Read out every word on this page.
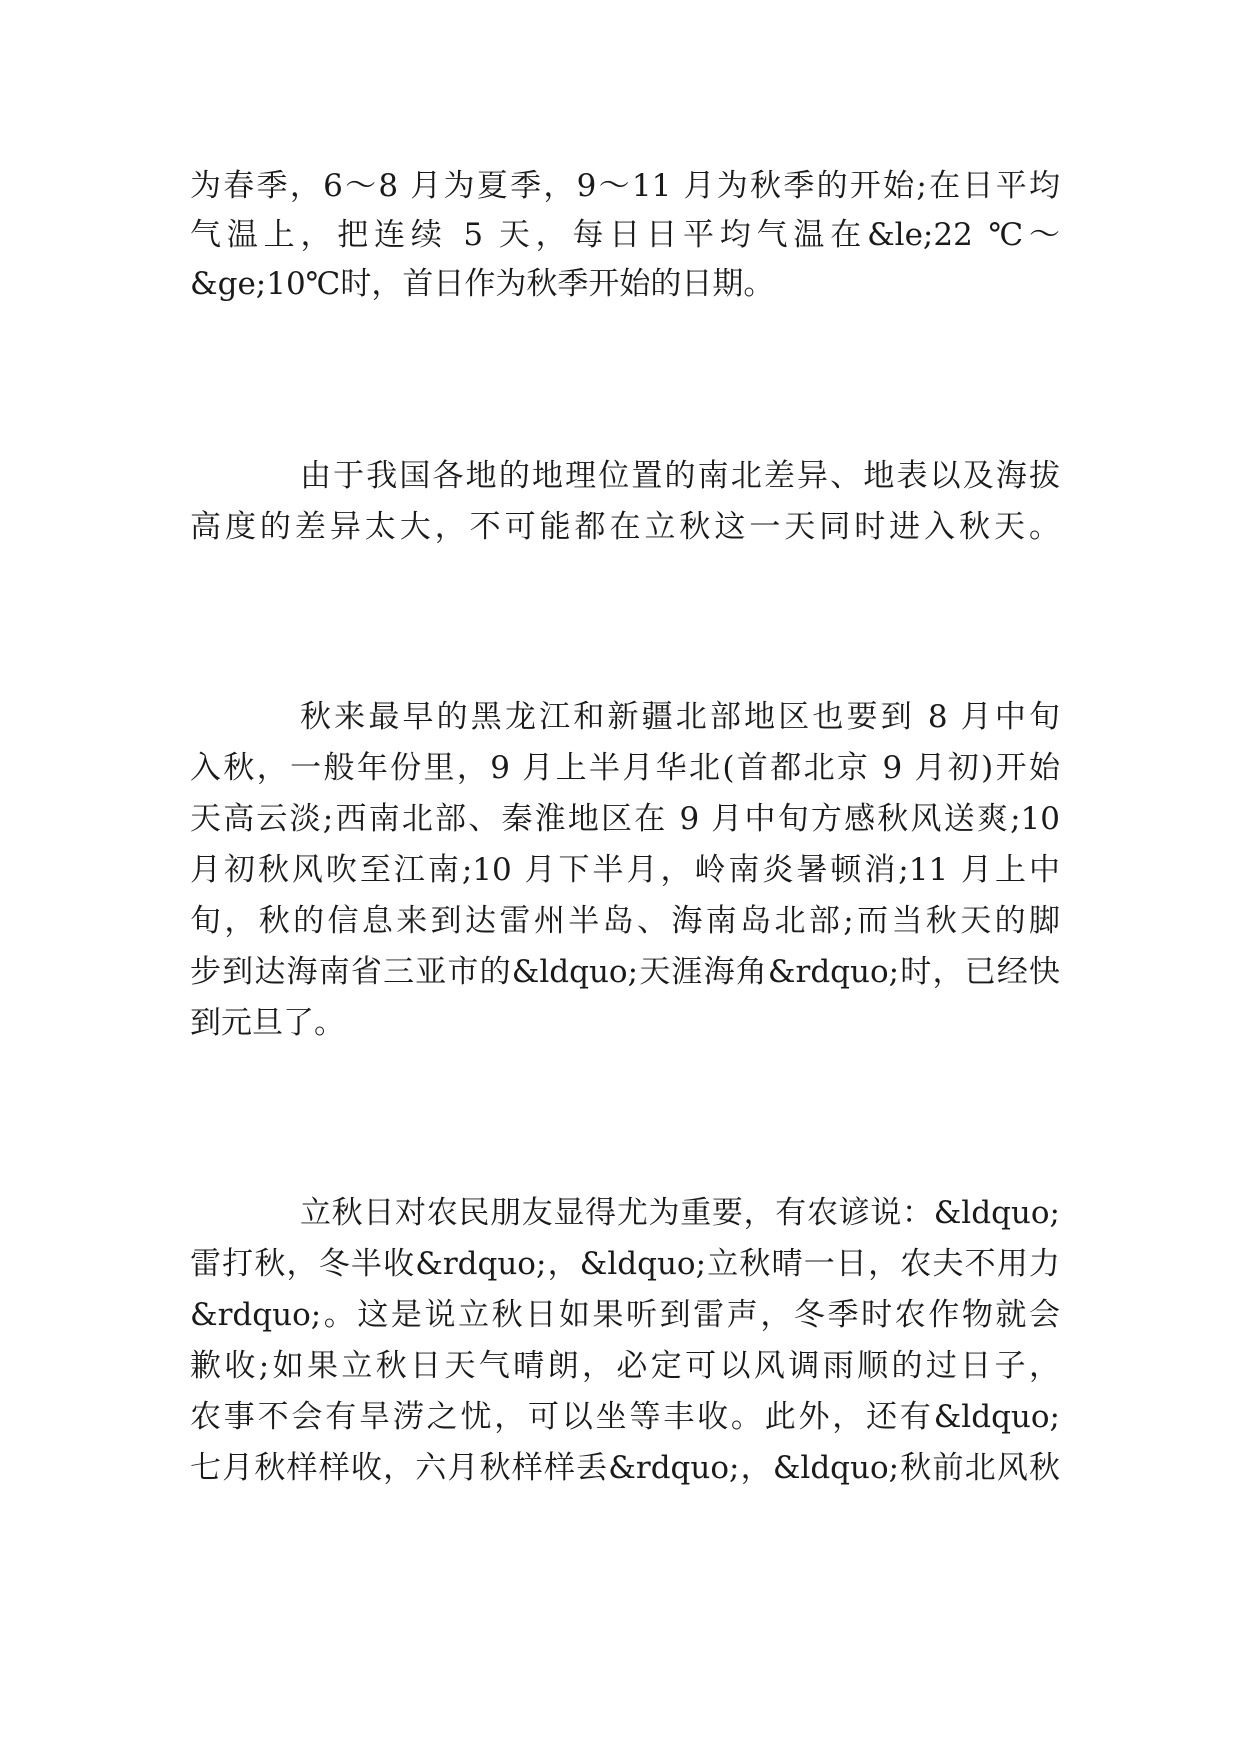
为春季，6～8 月为夏季，9～11 月为秋季的开始;在日平均
气温上，把连续 5 天，每日日平均气温在&le;22 ℃～
&ge;10℃时，首日作为秋季开始的日期。
由于我国各地的地理位置的南北差异、地表以及海拔
高度的差异太大，不可能都在立秋这一天同时进入秋天。
秋来最早的黑龙江和新疆北部地区也要到 8 月中旬
入秋，一般年份里，9 月上半月华北(首都北京 9 月初)开始
天高云淡;西南北部、秦淮地区在 9 月中旬方感秋风送爽;10
月初秋风吹至江南;10 月下半月，岭南炎暑顿消;11 月上中
旬，秋的信息来到达雷州半岛、海南岛北部;而当秋天的脚
步到达海南省三亚市的&ldquo;天涯海角&rdquo;时，已经快
到元旦了。
立秋日对农民朋友显得尤为重要，有农谚说：&ldquo;
雷打秋，冬半收&rdquo;，&ldquo;立秋晴一日，农夫不用力
&rdquo;。这是说立秋日如果听到雷声，冬季时农作物就会
歉收;如果立秋日天气晴朗，必定可以风调雨顺的过日子，
农事不会有旱涝之忧，可以坐等丰收。此外，还有&ldquo;
七月秋样样收，六月秋样样丢&rdquo;，&ldquo;秋前北风秋
